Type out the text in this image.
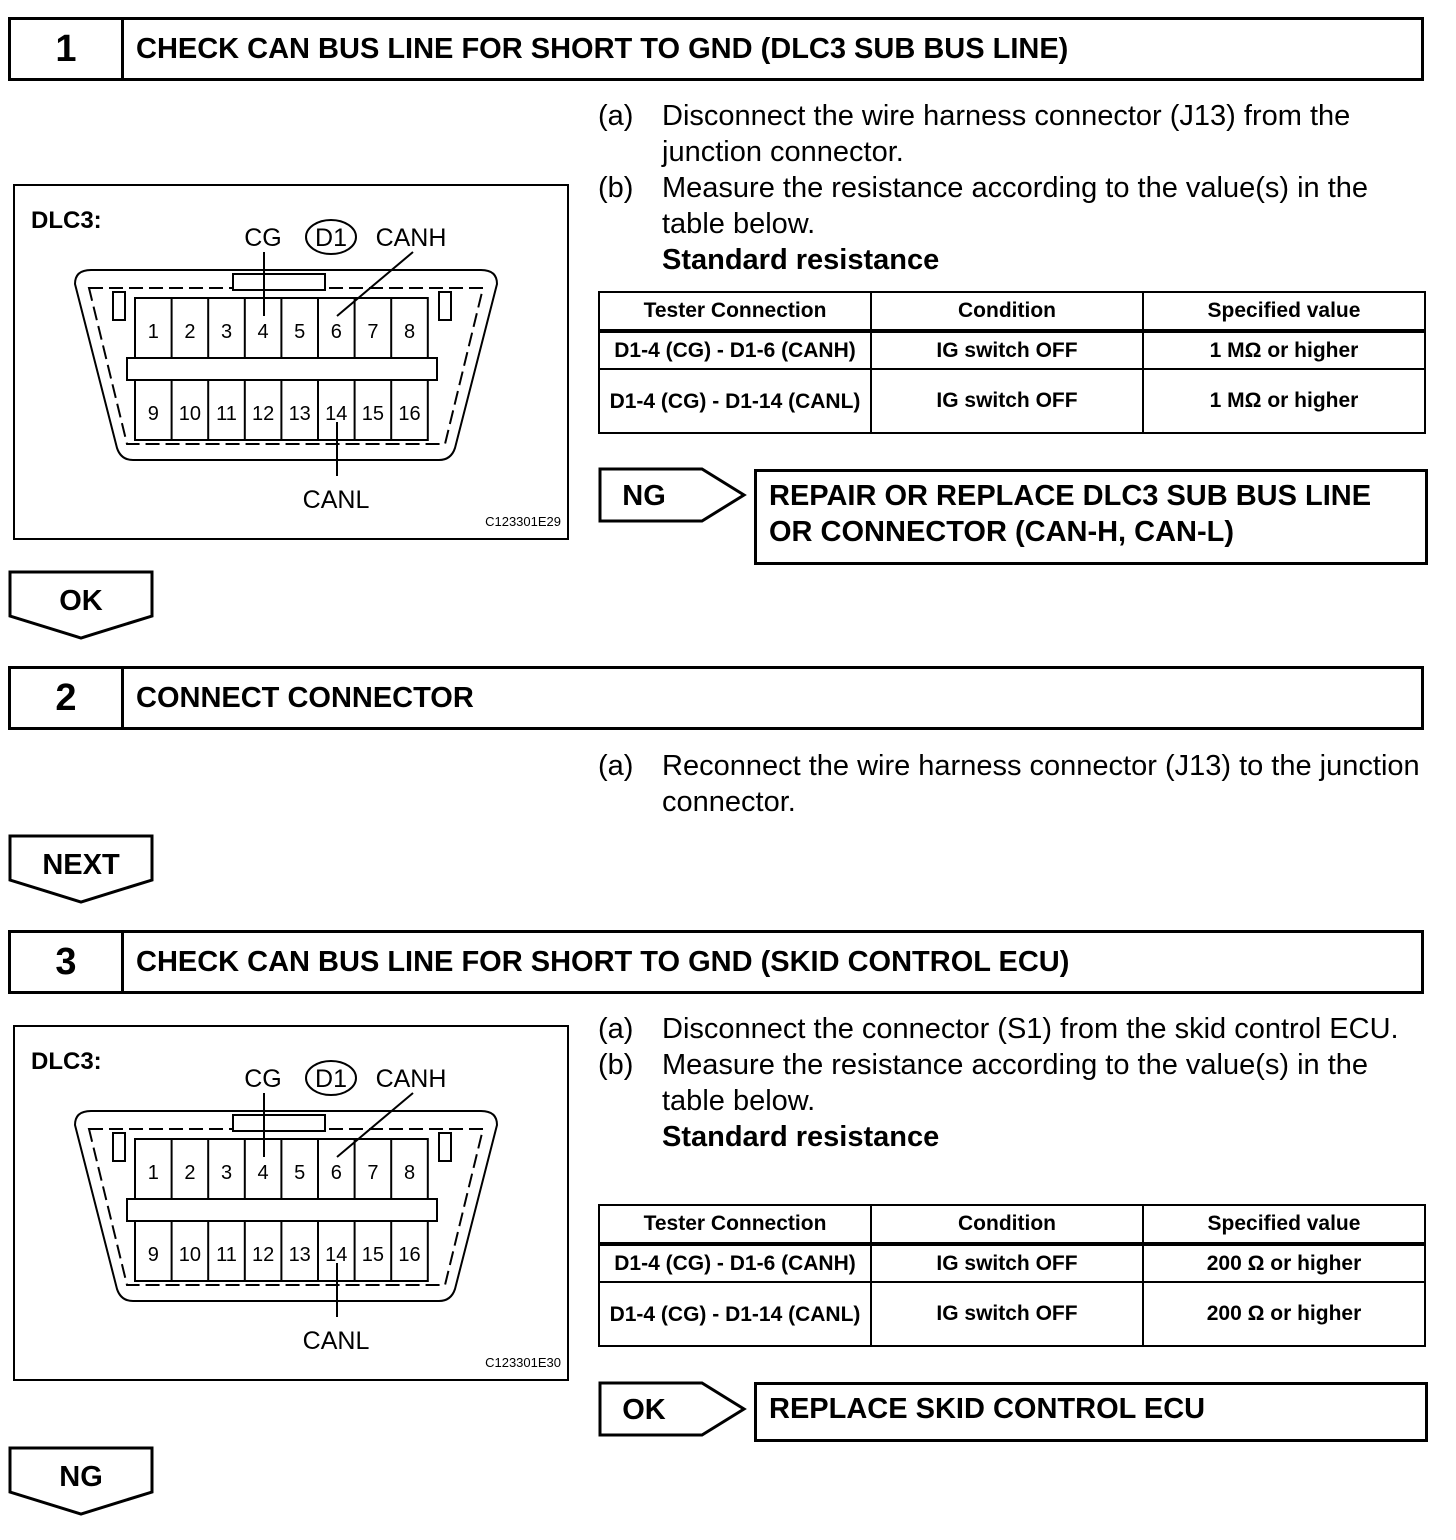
1	CHECK CAN BUS LINE FOR SHORT TO GND (DLC3 SUB BUS LINE)
(a) Disconnect the wire harness connector (J13) from the junction connector.
(b) Measure the resistance according to the value(s) in the table below.
Standard resistance
Tester Connection	Condition	Specified value
D1-4 (CG) - D1-6 (CANH)	IG switch OFF	1 MΩ or higher
D1-4 (CG) - D1-14 (CANL)	IG switch OFF	1 MΩ or higher
DLC3:
1 2 3 4 5 6 7 8
9 10 11 12 13 14 15 16
CG D1 CANH
CANL
C123301E29
NG	REPAIR OR REPLACE DLC3 SUB BUS LINE OR CONNECTOR (CAN-H, CAN-L)
OK
2	CONNECT CONNECTOR
(a) Reconnect the wire harness connector (J13) to the junction connector.
NEXT
3	CHECK CAN BUS LINE FOR SHORT TO GND (SKID CONTROL ECU)
(a) Disconnect the connector (S1) from the skid control ECU.
(b) Measure the resistance according to the value(s) in the table below.
Standard resistance
Tester Connection	Condition	Specified value
D1-4 (CG) - D1-6 (CANH)	IG switch OFF	200 Ω or higher
D1-4 (CG) - D1-14 (CANL)	IG switch OFF	200 Ω or higher
DLC3:
1 2 3 4 5 6 7 8
9 10 11 12 13 14 15 16
CG D1 CANH
CANL
C123301E30
OK	REPLACE SKID CONTROL ECU
NG
